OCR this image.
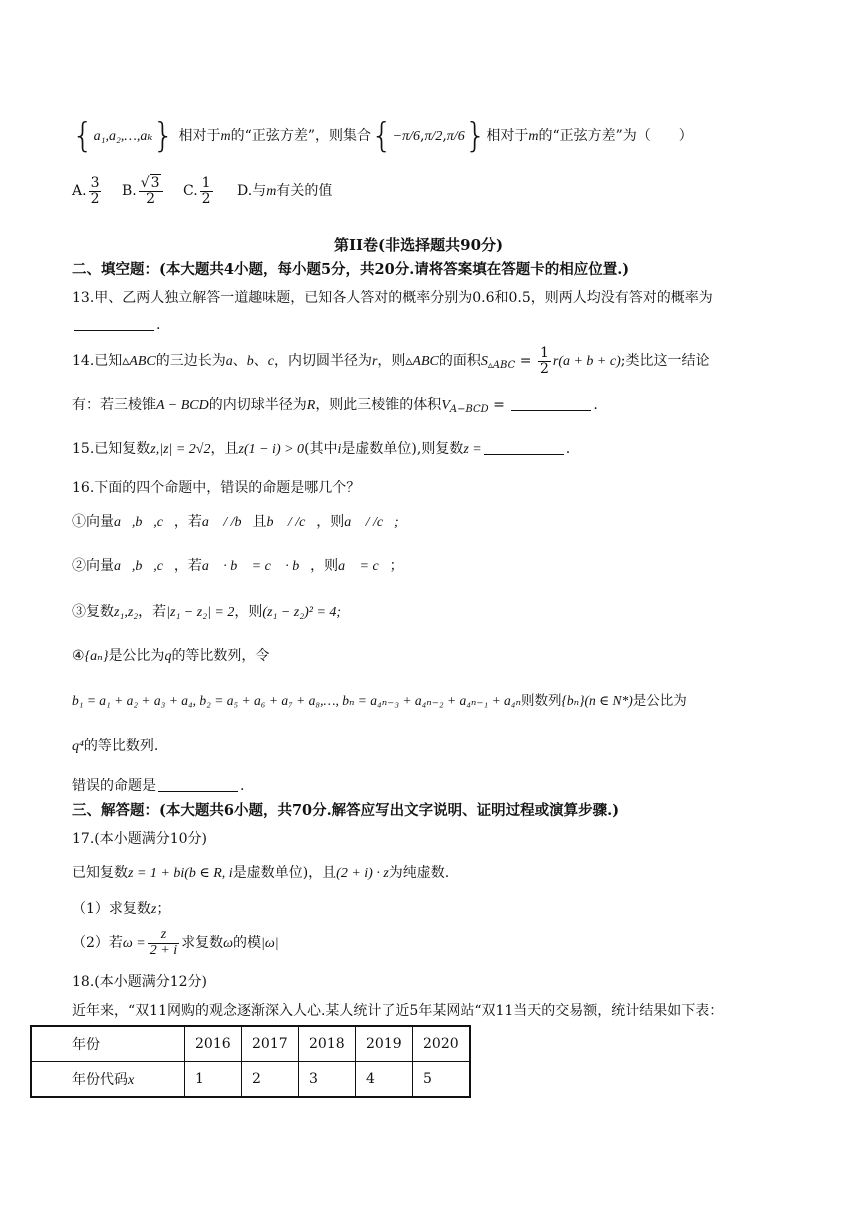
{a₁,a₂,…,aₖ} 相对于m的“正弦方差”，则集合{−π/6,π/2,π/6}相对于m的“正弦方差”为（　　）
A. $\frac{3}{2} B$. $\frac{√3}{2} C$. $\frac{1}{2} D$.与m有关的值
第II卷(非选择题共90分)
二、填空题：(本大题共4小题，每小题5分，共20分.请将答案填在答题卡的相应位置.)
13.甲、乙两人独立解答一道趣味题，已知各人答对的概率分别为0.6和0.5，则两人均没有答对的概率为
.
14.已知▵ABC的三边长为a、b、c，内切圆半径为r，则▵ABC的面积$S_{▵ABC} = \frac{1}{2} r(a + b + c)$;类比这一结论
有：若三棱锥A − BCD的内切球半径为R，则此三棱锥的体积$V_{A-BCD}$ =	.
15.已知复数z,|z| = 2√2，且z(1 − i) > 0(其中i是虚数单位),则复数z =	.
16.下面的四个命题中，错误的命题是哪几个？
①向量a⃗,b⃗,c⃗，若a⃗ / /b⃗且b⃗ / /c⃗，则a⃗ / /c⃗;
②向量a⃗,b⃗,c⃗，若a⃗ · b⃗ = c⃗ · b⃗，则a⃗ = c⃗；
③复数z₁,z₂，若|z₁ − z₂| = 2，则(z₁ − z₂)² = 4;
④{aₙ}是公比为q的等比数列，令
b₁ = a₁ + a₂ + a₃ + a₄, b₂ = a₅ + a₆ + a₇ + a₈,…, bₙ = a₄ₙ₋₃ + a₄ₙ₋₂ + a₄ₙ₋₁ + a₄ₙ则数列{bₙ}(n ∈ N*)是公比为
q⁴的等比数列.
错误的命题是	.
三、解答题：(本大题共6小题，共70分.解答应写出文字说明、证明过程或演算步骤.)
17.(本小题满分10分)
已知复数z = 1 + bi(b ∈ R, i是虚数单位)，且(2 + i) · z为纯虚数.
（1）求复数z；
（2）若$\omega = \frac{z}{2 + i}$ 求复数ω的模|ω|
18.(本小题满分12分)
近年来，“双11网购的观念逐渐深入人心.某人统计了近5年某网站“双11当天的交易额，统计结果如下表：
年份	2016	2017	2018	2019	2020
年份代码x	1	2	3	4	5
